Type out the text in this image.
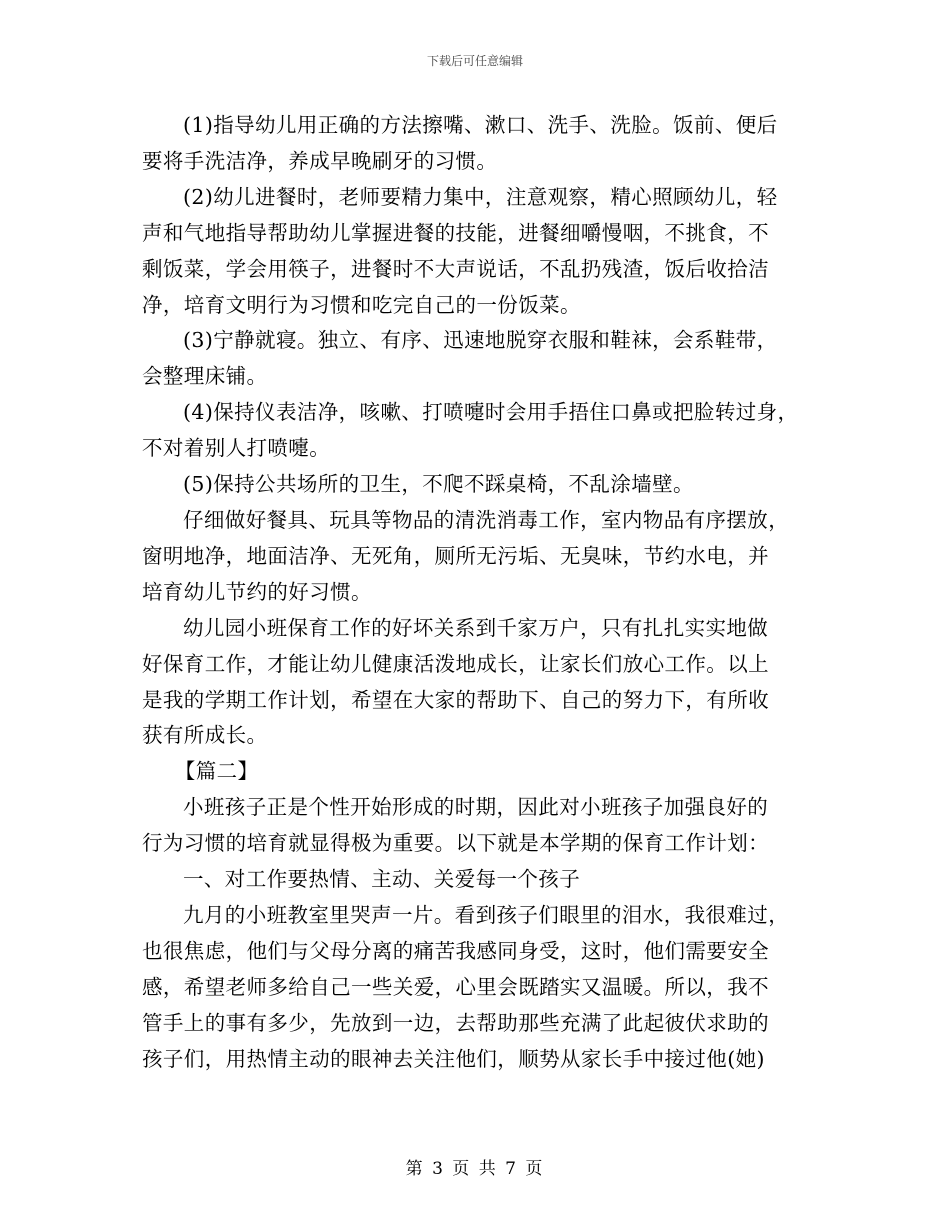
下载后可任意编辑

(1)指导幼儿用正确的方法擦嘴、漱口、洗手、洗脸。饭前、便后
要将手洗洁净，养成早晚刷牙的习惯。

(2)幼儿进餐时，老师要精力集中，注意观察，精心照顾幼儿，轻
声和气地指导帮助幼儿掌握进餐的技能，进餐细嚼慢咽，不挑食，不
剩饭菜，学会用筷子，进餐时不大声说话，不乱扔残渣，饭后收拾洁
净，培育文明行为习惯和吃完自己的一份饭菜。

(3)宁静就寝。独立、有序、迅速地脱穿衣服和鞋袜，会系鞋带，
会整理床铺。

(4)保持仪表洁净，咳嗽、打喷嚏时会用手捂住口鼻或把脸转过身，
不对着别人打喷嚏。

(5)保持公共场所的卫生，不爬不踩桌椅，不乱涂墙壁。

仔细做好餐具、玩具等物品的清洗消毒工作，室内物品有序摆放，
窗明地净，地面洁净、无死角，厕所无污垢、无臭味，节约水电，并
培育幼儿节约的好习惯。

幼儿园小班保育工作的好坏关系到千家万户，只有扎扎实实地做
好保育工作，才能让幼儿健康活泼地成长，让家长们放心工作。以上
是我的学期工作计划，希望在大家的帮助下、自己的努力下，有所收
获有所成长。

【篇二】

小班孩子正是个性开始形成的时期，因此对小班孩子加强良好的
行为习惯的培育就显得极为重要。以下就是本学期的保育工作计划：

一、对工作要热情、主动、关爱每一个孩子

九月的小班教室里哭声一片。看到孩子们眼里的泪水，我很难过，
也很焦虑，他们与父母分离的痛苦我感同身受，这时，他们需要安全
感，希望老师多给自己一些关爱，心里会既踏实又温暖。所以，我不
管手上的事有多少，先放到一边，去帮助那些充满了此起彼伏求助的
孩子们，用热情主动的眼神去关注他们，顺势从家长手中接过他(她)

第 3 页 共 7 页
